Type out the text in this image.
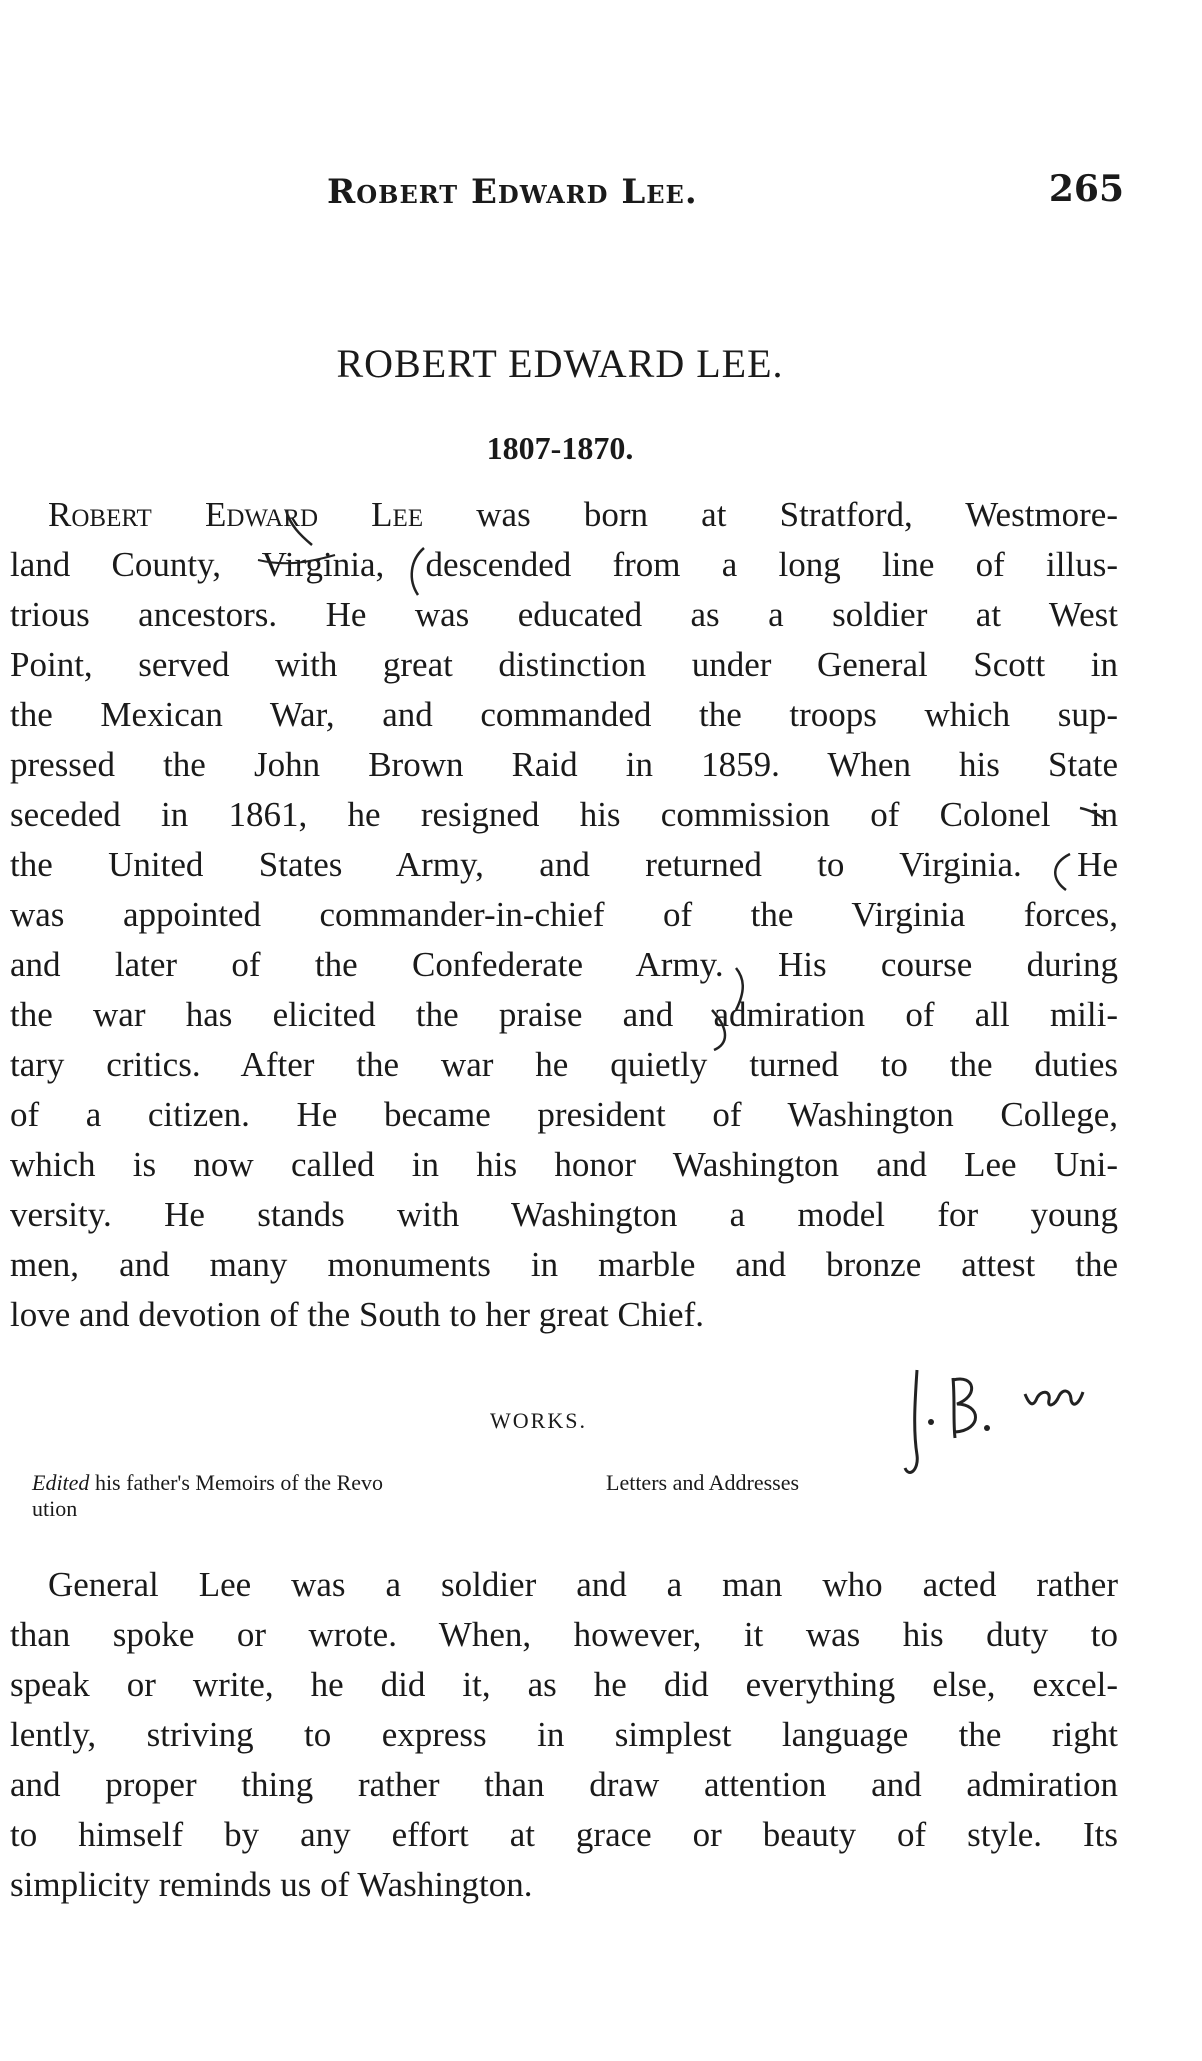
Robert Edward Lee.	265
ROBERT EDWARD LEE.
1807-1870.

Robert Edward Lee was born at Stratford, Westmore-
land County, Virginia, descended from a long line of illus-
trious ancestors. He was educated as a soldier at West
Point, served with great distinction under General Scott in
the Mexican War, and commanded the troops which sup-
pressed the John Brown Raid in 1859. When his State
seceded in 1861, he resigned his commission of Colonel in
the United States Army, and returned to Virginia. He
was appointed commander-in-chief of the Virginia forces,
and later of the Confederate Army. His course during
the war has elicited the praise and admiration of all mili-
tary critics. After the war he quietly turned to the duties
of a citizen. He became president of Washington College,
which is now called in his honor Washington and Lee Uni-
versity. He stands with Washington a model for young
men, and many monuments in marble and bronze attest the
love and devotion of the South to her great Chief.

WORKS.
Edited his father's Memoirs of the Revo
ution
Letters and Addresses

General Lee was a soldier and a man who acted rather
than spoke or wrote. When, however, it was his duty to
speak or write, he did it, as he did everything else, excel-
lently, striving to express in simplest language the right
and proper thing rather than draw attention and admiration
to himself by any effort at grace or beauty of style. Its
simplicity reminds us of Washington.
